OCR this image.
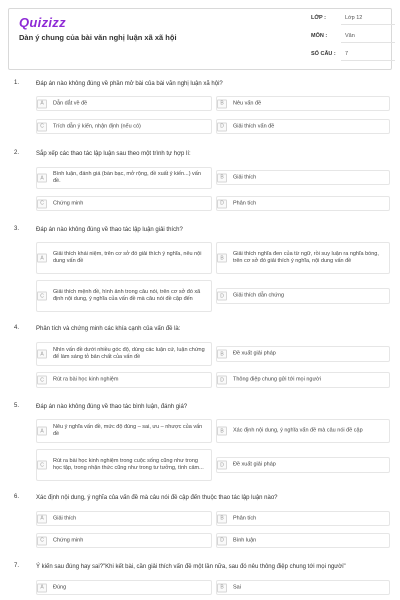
Quizizz
Dàn ý chung của bài văn nghị luận xã xã hội
LỚP :	Lớp 12
MÔN :	Văn
SỐ CÂU : 7
1.	Đáp án nào không đúng về phần mở bài của bài văn nghị luận xã hội?
A	Dẫn dắt về đề	B	Nêu vấn đề
C	Trích dẫn ý kiến, nhận định (nếu có)	D	Giải thích vấn đề
2.	Sắp xếp các thao tác lập luận sau theo một trình tự hợp lí:
A
Bình luận, đánh giá (bàn bạc, mở rộng, đề xuất ý kiến...) vấn đề.
B	Giải thích
C	Chứng minh	D	Phân tích
3.	Đáp án nào không đúng về thao tác lập luận giải thích?
A
Giải thích khái niệm, trên cơ sở đó giải thích ý nghĩa, nêu nội dung vấn đề	B
Giải thích nghĩa đen của từ ngữ, rồi suy luận ra nghĩa bóng, trên cơ sở đó giải thích ý nghĩa, nội dung vấn đề
C
Giải thích mệnh đề, hình ảnh trong câu nói, trên cơ sở đó xã định nội dung, ý nghĩa của vấn đề mà câu nói đề cập đến	D	Giải thích dẫn chứng
4.	Phân tích và chứng minh các khía cạnh của vấn đề là:
A
Nhìn vấn đề dưới nhiều góc độ, dùng các luận cứ, luận chứng để làm sáng tỏ bản chất của vấn đề	B	Đề xuất giải pháp
C	Rút ra bài học kinh nghiệm	D	Thông điệp chung gửi tới mọi người
5.	Đáp án nào không đúng về thao tác bình luận, đánh giá?
A
Nêu ý nghĩa vấn đề, mức độ đúng – sai, ưu – nhược của vấn đề	B	Xác định nội dung, ý nghĩa vấn đề mà câu nói đề cập
C
Rút ra bài học kinh nghiệm trong cuộc sống cũng như trong học tập, trong nhận thức cũng như trong tư tưởng, tình cảm...	D	Đề xuất giải pháp
6.	Xác định nội dung, ý nghĩa của vấn đề mà câu nói đề cập đến thuộc thao tác lập luận nào?
A	Giải thích	B	Phân tích
C	Chứng minh	D	Bình luận
7.	Ý kiến sau đúng hay sai?"Khi kết bài, cần giải thích vấn đề một lần nữa, sau đó nêu thông điệp chung tới mọi người"
A	Đúng	B	Sai
